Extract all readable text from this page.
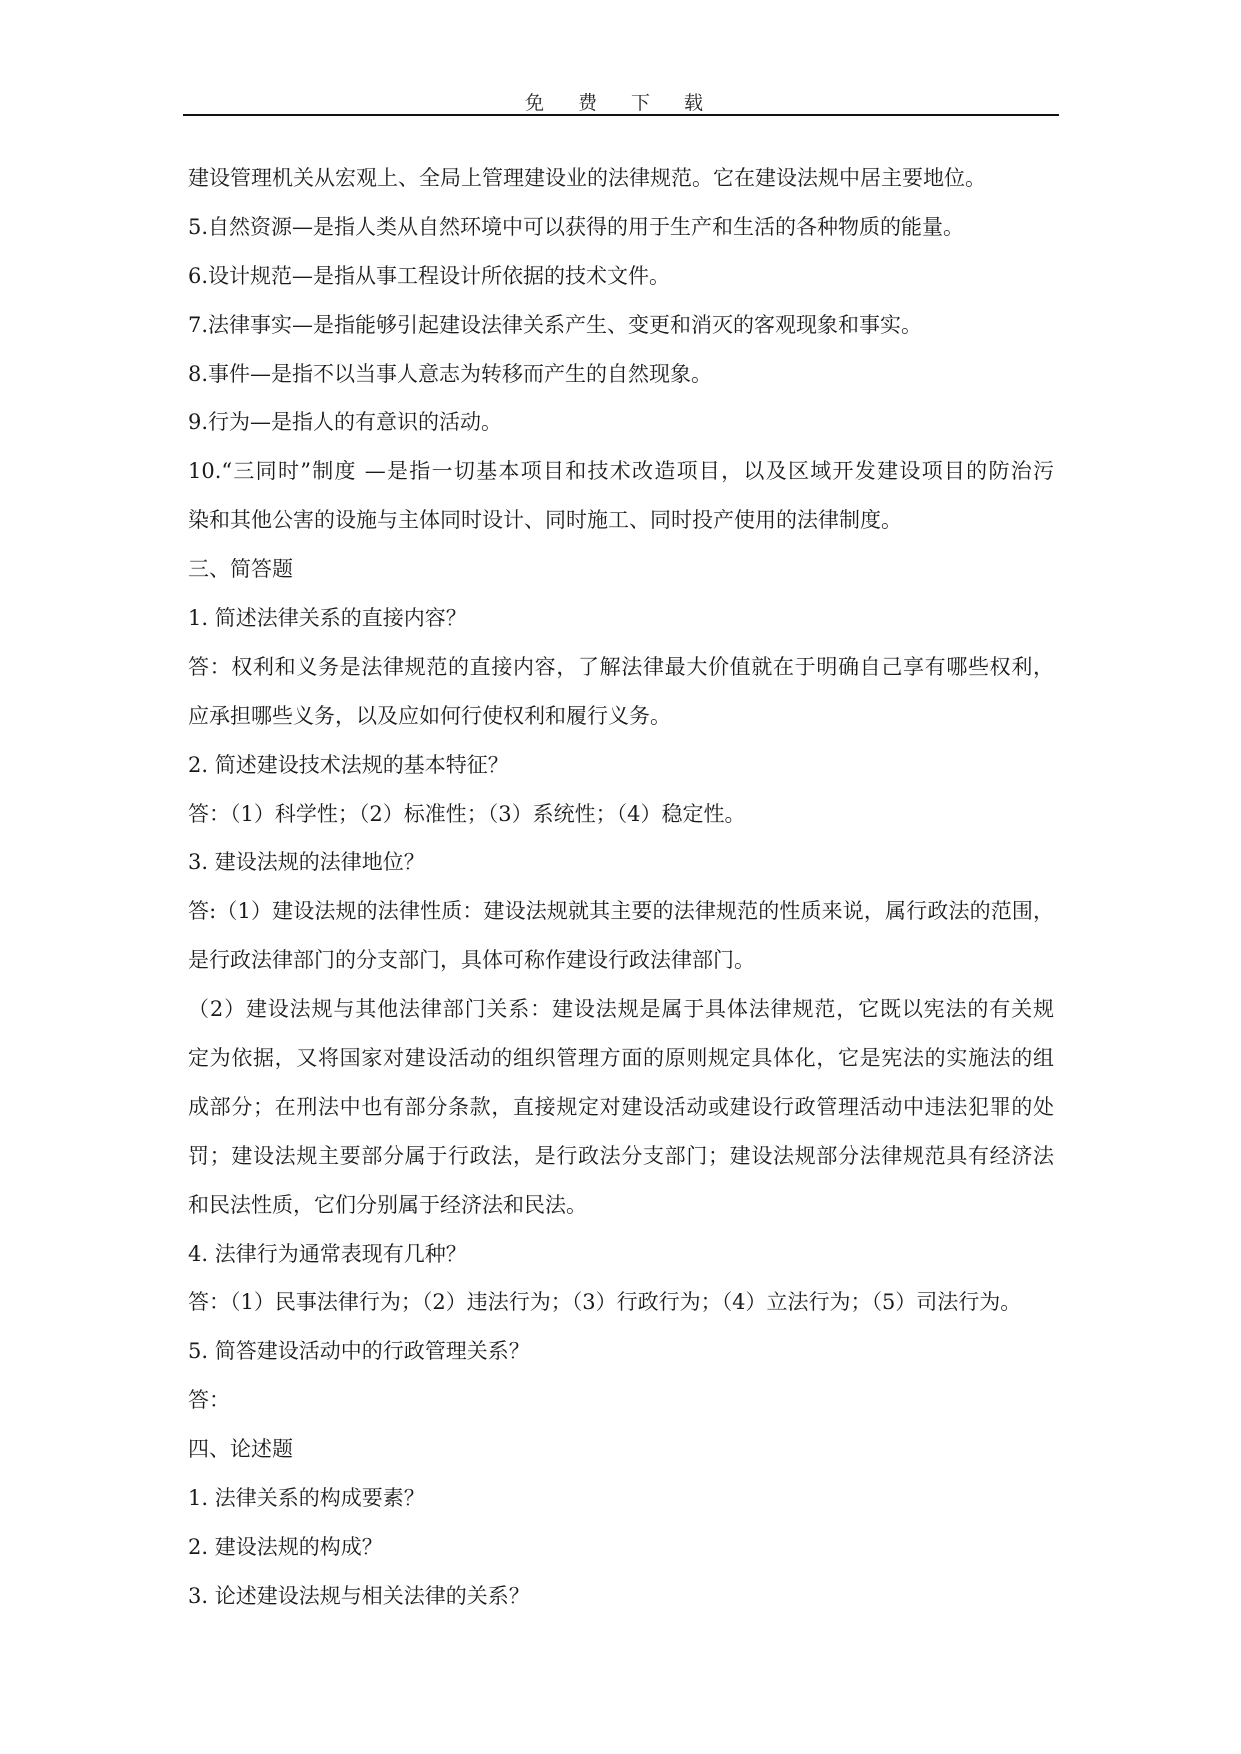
免 费 下 载
建设管理机关从宏观上、全局上管理建设业的法律规范。它在建设法规中居主要地位。
5.自然资源—是指人类从自然环境中可以获得的用于生产和生活的各种物质的能量。
6.设计规范—是指从事工程设计所依据的技术文件。
7.法律事实—是指能够引起建设法律关系产生、变更和消灭的客观现象和事实。
8.事件—是指不以当事人意志为转移而产生的自然现象。
9.行为—是指人的有意识的活动。
10.“三同时”制度 —是指一切基本项目和技术改造项目，以及区域开发建设项目的防治污
染和其他公害的设施与主体同时设计、同时施工、同时投产使用的法律制度。
三、简答题
1. 简述法律关系的直接内容？
答：权利和义务是法律规范的直接内容，了解法律最大价值就在于明确自己享有哪些权利，
应承担哪些义务，以及应如何行使权利和履行义务。
2. 简述建设技术法规的基本特征？
答：（1）科学性；（2）标准性；（3）系统性；（4）稳定性。
3. 建设法规的法律地位？
答:（1）建设法规的法律性质：建设法规就其主要的法律规范的性质来说，属行政法的范围，
是行政法律部门的分支部门，具体可称作建设行政法律部门。
（2）建设法规与其他法律部门关系：建设法规是属于具体法律规范，它既以宪法的有关规
定为依据，又将国家对建设活动的组织管理方面的原则规定具体化，它是宪法的实施法的组
成部分；在刑法中也有部分条款，直接规定对建设活动或建设行政管理活动中违法犯罪的处
罚；建设法规主要部分属于行政法，是行政法分支部门；建设法规部分法律规范具有经济法
和民法性质，它们分别属于经济法和民法。
4. 法律行为通常表现有几种？
答：（1）民事法律行为；（2）违法行为；（3）行政行为；（4）立法行为；（5）司法行为。
5. 简答建设活动中的行政管理关系？
答：
四、论述题
1. 法律关系的构成要素？
2. 建设法规的构成？
3. 论述建设法规与相关法律的关系？
